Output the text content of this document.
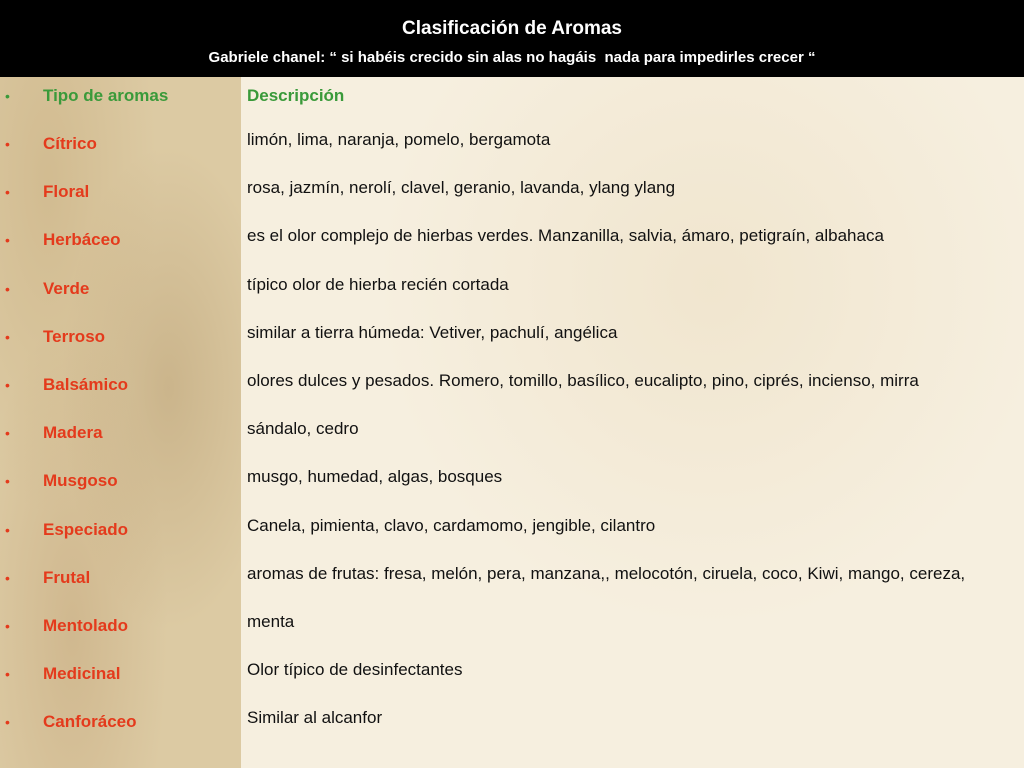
Clasificación de Aromas
Gabriele chanel: “ si habéis crecido sin alas no hagáis  nada para impedirles crecer “
• Tipo de aromas	Descripción
• Cítrico	limón, lima, naranja, pomelo, bergamota
• Floral	rosa, jazmín, nerolí, clavel, geranio, lavanda, ylang ylang
• Herbáceo	es el olor complejo de hierbas verdes. Manzanilla, salvia, ámaro, petigraín, albahaca
• Verde	típico olor de hierba recién cortada
• Terroso	similar a tierra húmeda: Vetiver, pachulí, angélica
• Balsámico	olores dulces y pesados. Romero, tomillo, basílico, eucalipto, pino, ciprés, incienso, mirra
• Madera	sándalo, cedro
• Musgoso	musgo, humedad, algas, bosques
• Especiado	Canela, pimienta, clavo, cardamomo, jengible, cilantro
• Frutal	aromas de frutas: fresa, melón, pera, manzana,, melocotón, ciruela, coco, Kiwi, mango, cereza,
• Mentolado	menta
• Medicinal	Olor típico de desinfectantes
• Canforáceo	Similar al alcanfor
